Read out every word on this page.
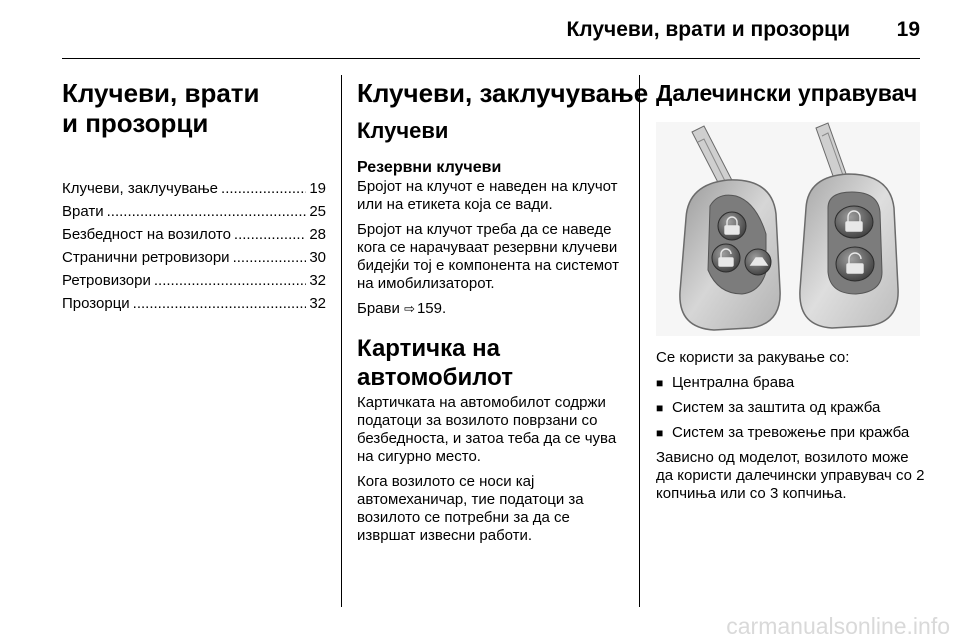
Клучеви, врати и прозорци 19
Клучеви, врати
и прозорци
Клучеви, заклучување .....	19
Врати .....	25
Безбедност на возилото .....	28
Странични ретровизори .....	30
Ретровизори .....	32
Прозорци .....	32
Клучеви, заклучување
Клучеви
Резервни клучеви
Бројот на клучот е наведен на клучот или на етикета која се вади.
Бројот на клучот треба да се наведе кога се нарачуваат резервни клучеви бидејќи тој е компонента на системот на имобилизаторот.
Брави ⇨ 159.
Картичка на
автомобилот
Картичката на автомобилот содржи податоци за возилото поврзани со безбедноста, и затоа теба да се чува на сигурно место.
Кога возилото се носи кај автомеханичар, тие податоци за возилото се потребни за да се извршат извесни работи.
Далечински управувач
Се користи за ракување со:
■ Централна брава
■ Систем за заштита од кражба
■ Систем за тревожење при кражба
Зависно од моделот, возилото може да користи далечински управувач со 2 копчиња или со 3 копчиња.
carmanualsonline.info
